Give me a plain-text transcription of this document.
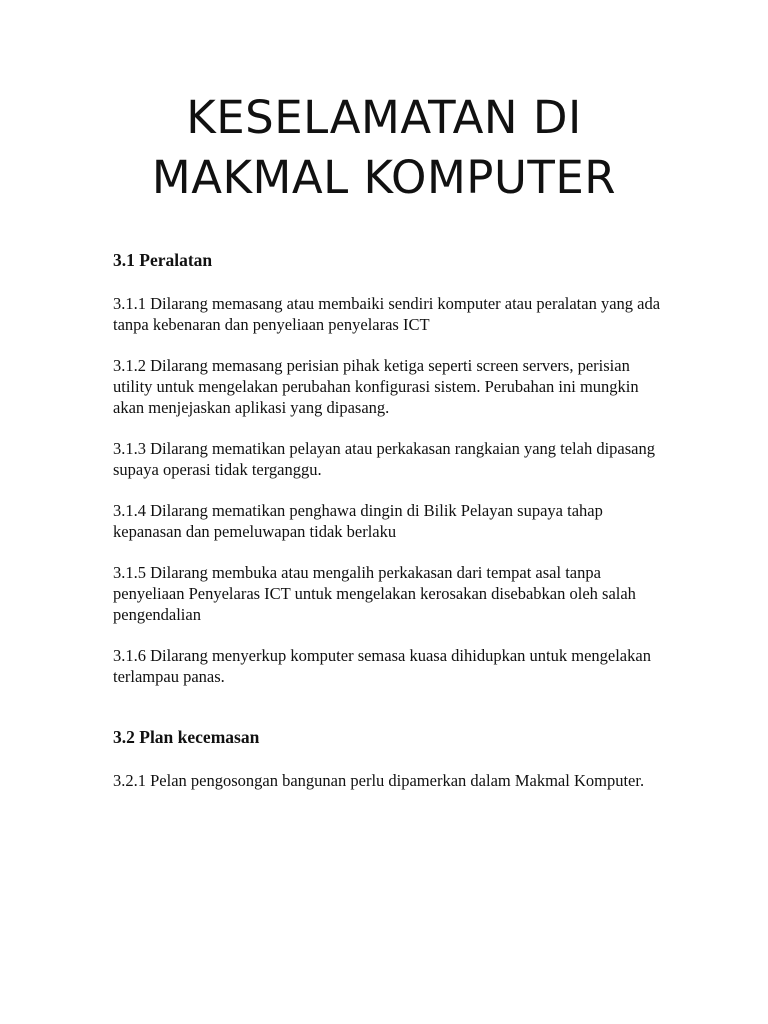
KESELAMATAN DI
MAKMAL KOMPUTER

3.1 Peralatan

3.1.1 Dilarang memasang atau membaiki sendiri komputer atau peralatan yang ada tanpa kebenaran dan penyeliaan penyelaras ICT

3.1.2 Dilarang memasang perisian pihak ketiga seperti screen servers, perisian utility untuk mengelakan perubahan konfigurasi sistem. Perubahan ini mungkin akan menjejaskan aplikasi yang dipasang.

3.1.3 Dilarang mematikan pelayan atau perkakasan rangkaian yang telah dipasang supaya operasi tidak terganggu.

3.1.4 Dilarang mematikan penghawa dingin di Bilik Pelayan supaya tahap kepanasan dan pemeluwapan tidak berlaku

3.1.5 Dilarang membuka atau mengalih perkakasan dari tempat asal tanpa penyeliaan Penyelaras ICT untuk mengelakan kerosakan disebabkan oleh salah pengendalian

3.1.6 Dilarang menyerkup komputer semasa kuasa dihidupkan untuk mengelakan terlampau panas.

3.2 Plan kecemasan

3.2.1 Pelan pengosongan bangunan perlu dipamerkan dalam Makmal Komputer.
